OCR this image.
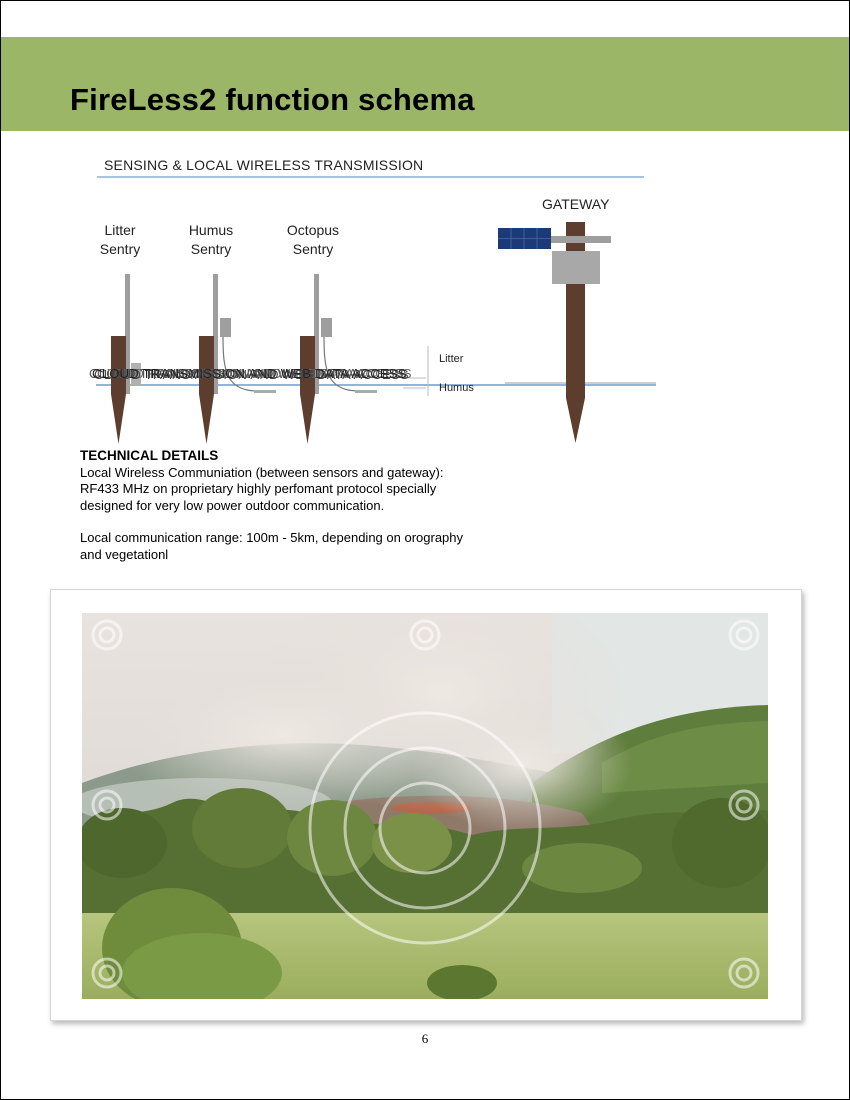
FireLess2 function schema
SENSING & LOCAL WIRELESS TRANSMISSION
Litter
Sentry
Humus
Sentry
Octopus
Sentry
GATEWAY
Litter
Humus
CLOUD TRANSMISSION AND WEB DATA ACCESS

TECHNICAL DETAILS

Local Wireless Communiation (between sensors and gateway):

RF433 MHz on proprietary highly perfomant protocol specially

designed for very low power outdoor communication.

Local communication range: 100m - 5km, depending on orography

and vegetationl

6
